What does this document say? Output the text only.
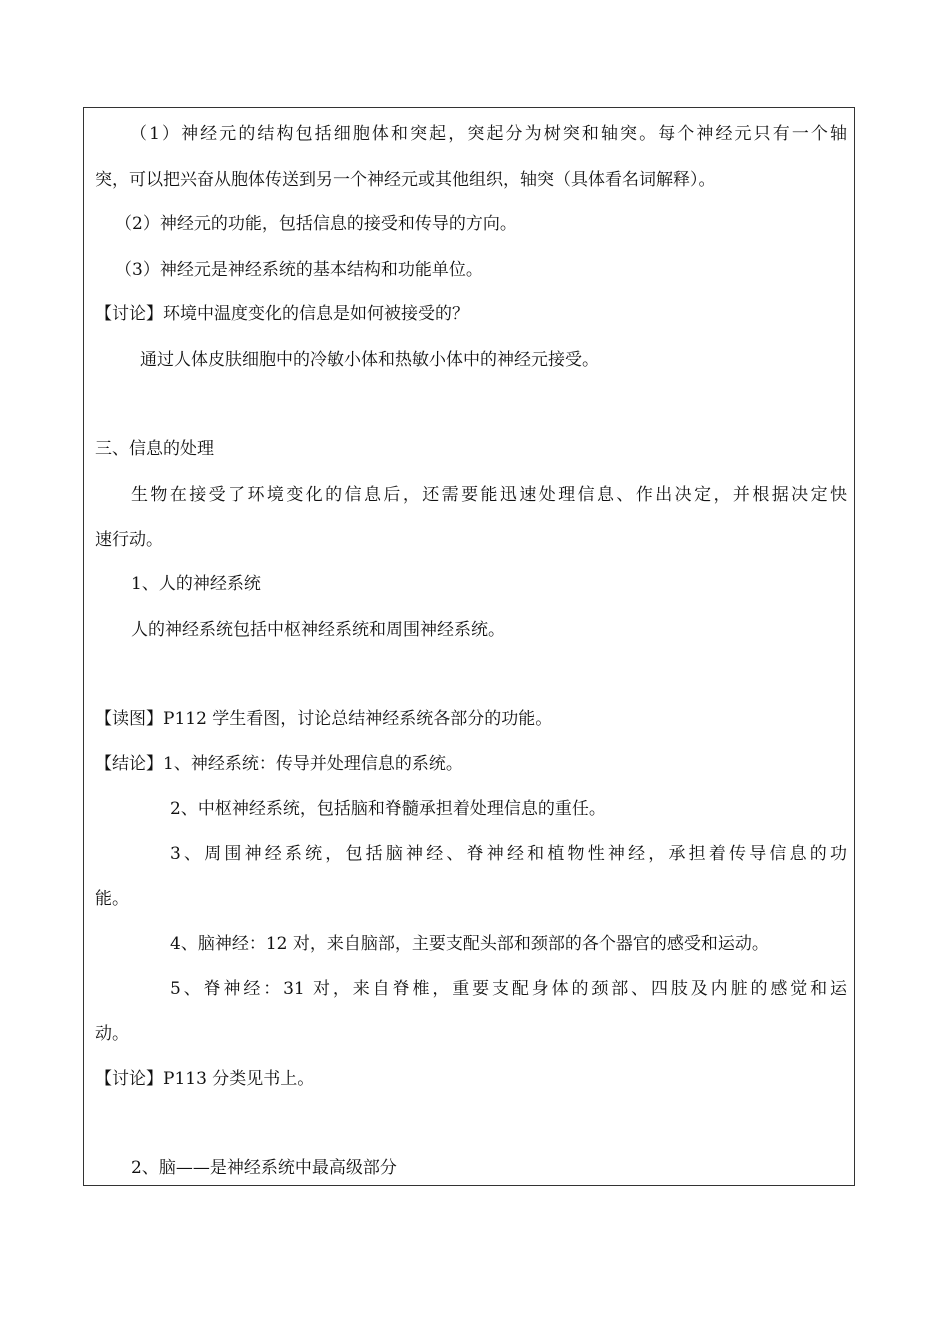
（1）神经元的结构包括细胞体和突起，突起分为树突和轴突。每个神经元只有一个轴
突，可以把兴奋从胞体传送到另一个神经元或其他组织，轴突（具体看名词解释）。
（2）神经元的功能，包括信息的接受和传导的方向。
（3）神经元是神经系统的基本结构和功能单位。
【讨论】环境中温度变化的信息是如何被接受的？
通过人体皮肤细胞中的冷敏小体和热敏小体中的神经元接受。
三、信息的处理
生物在接受了环境变化的信息后，还需要能迅速处理信息、作出决定，并根据决定快
速行动。
1、人的神经系统
人的神经系统包括中枢神经系统和周围神经系统。
【读图】P112 学生看图，讨论总结神经系统各部分的功能。
【结论】1、神经系统：传导并处理信息的系统。
2、中枢神经系统，包括脑和脊髓承担着处理信息的重任。
3、周围神经系统，包括脑神经、脊神经和植物性神经，承担着传导信息的功
能。
4、脑神经：12 对，来自脑部，主要支配头部和颈部的各个器官的感受和运动。
5、脊神经：31 对，来自脊椎，重要支配身体的颈部、四肢及内脏的感觉和运
动。
【讨论】P113 分类见书上。
2、脑——是神经系统中最高级部分
